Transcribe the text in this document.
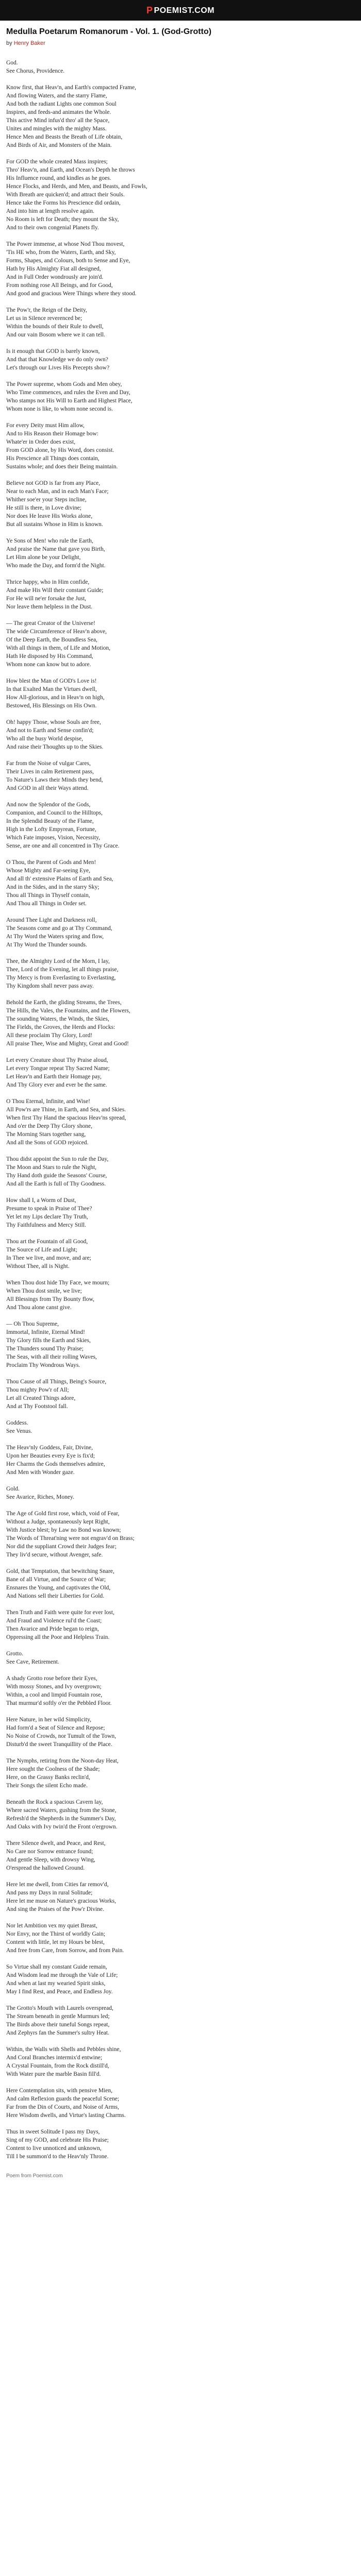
P POEMIST.COM
Medulla Poetarum Romanorum - Vol. 1. (God-Grotto)
by Henry Baker
God.
See Chorus, Providence.
Know first, that Heav'n, and Earth's compacted Frame,
And flowing Waters, and the starry Flame,
And both the radiant Lights one common Soul
Inspires, and feeds-and animates the Whole.
This active Mind infus'd thro' all the Space,
Unites and mingles with the mighty Mass.
Hence Men and Beasts the Breath of Life obtain,
And Birds of Air, and Monsters of the Main.
For GOD the whole created Mass inspires;
Thro' Heav'n, and Earth, and Ocean's Depth he throws
His Influence round, and kindles as he goes.
Hence Flocks, and Herds, and Men, and Beasts, and Fowls,
With Breath are quicken'd; and attract their Souls.
Hence take the Forms his Prescience did ordain,
And into him at length resolve again.
No Room is left for Death; they mount the Sky,
And to their own congenial Planets fly.
The Power immense, at whose Nod Thou movest,
'Tis HE who, from the Waters, Earth, and Sky,
Forms, Shapes, and Colours, both to Sense and Eye,
Hath by His Almighty Fiat all designed,
And in Full Order wondrously are join'd.
From nothing rose All Beings, and for Good,
And good and gracious Were Things where they stood.
The Pow'r, the Reign of the Deity,
Let us in Silence reverenced be;
Within the bounds of their Rule to dwell,
And our vain Bosom where we it can tell.
Is it enough that GOD is barely known,
And that that Knowledge we do only own?
Let's through our Lives His Precepts show?
The Power supreme, whom Gods and Men obey,
Who Time commences, and rules the Even and Day,
Who stamps not His Will to Earth and Highest Place,
Whom none is like, to whom none second is.
For every Deity must Him allow,
And to His Reason their Homage bow:
Whate'er in Order does exist,
From GOD alone, by His Word, does consist.
His Prescience all Things does contain,
Sustains whole; and does their Being maintain.
Believe not GOD is far from any Place,
Near to each Man, and in each Man's Face;
Whither soe'er your Steps incline,
He still is there, in Love divine;
Nor does He leave His Works alone,
But all sustains Whose in Him is known.
Ye Sons of Men! who rule the Earth,
And praise the Name that gave you Birth,
Let Him alone be your Delight,
Who made the Day, and form'd the Night.
Thrice happy, who in Him confide,
And make His Will their constant Guide;
For He will ne'er forsake the Just,
Nor leave them helpless in the Dust.
— The great Creator of the Universe!
The wide Circumference of Heav'n above,
Of the Deep Earth, the Boundless Sea,
With all things in them, of Life and Motion,
Hath He disposed by His Command,
Whom none can know but to adore.
How blest the Man of GOD's Love is!
In that Exalted Man the Virtues dwell,
How All-glorious, and in Heav'n on high,
Bestowed, His Blessings on His Own.
Oh! happy Those, whose Souls are free,
And not to Earth and Sense confin'd;
Who all the busy World despise,
And raise their Thoughts up to the Skies.
Far from the Noise of vulgar Cares,
Their Lives in calm Retirement pass,
To Nature's Laws their Minds they bend,
And GOD in all their Ways attend.
And now the Splendor of the Gods,
Companion, and Council to the Hilltops,
In the Splendid Beauty of the Flame,
High in the Lofty Empyrean, Fortune,
Which Fate imposes, Vision, Necessity,
Sense, are one and all concentred in Thy Grace.
O Thou, the Parent of Gods and Men!
Whose Mighty and Far-seeing Eye,
And all th' extensive Plains of Earth and Sea,
And in the Sides, and in the starry Sky;
Thou all Things in Thyself contain,
And Thou all Things in Order set.
Around Thee Light and Darkness roll,
The Seasons come and go at Thy Command,
At Thy Word the Waters spring and flow,
At Thy Word the Thunder sounds.
Thee, the Almighty Lord of the Morn, I lay,
Thee, Lord of the Evening, let all things praise,
Thy Mercy is from Everlasting to Everlasting,
Thy Kingdom shall never pass away.
Behold the Earth, the gliding Streams, the Trees,
The Hills, the Vales, the Fountains, and the Flowers,
The sounding Waters, the Winds, the Skies,
The Fields, the Groves, the Herds and Flocks:
All these proclaim Thy Glory, Lord!
All praise Thee, Wise and Mighty, Great and Good!
Let every Creature shout Thy Praise aloud,
Let every Tongue repeat Thy Sacred Name;
Let Heav'n and Earth their Homage pay,
And Thy Glory ever and ever be the same.
O Thou Eternal, Infinite, and Wise!
All Pow'rs are Thine, in Earth, and Sea, and Skies.
When first Thy Hand the spacious Heav'ns spread,
And o'er the Deep Thy Glory shone,
The Morning Stars together sang,
And all the Sons of GOD rejoiced.
Thou didst appoint the Sun to rule the Day,
The Moon and Stars to rule the Night,
Thy Hand doth guide the Seasons' Course,
And all the Earth is full of Thy Goodness.
How shall I, a Worm of Dust,
Presume to speak in Praise of Thee?
Yet let my Lips declare Thy Truth,
Thy Faithfulness and Mercy Still.
Thou art the Fountain of all Good,
The Source of Life and Light;
In Thee we live, and move, and are;
Without Thee, all is Night.
When Thou dost hide Thy Face, we mourn;
When Thou dost smile, we live;
All Blessings from Thy Bounty flow,
And Thou alone canst give.
— Oh Thou Supreme,
Immortal, Infinite, Eternal Mind!
Thy Glory fills the Earth and Skies,
The Thunders sound Thy Praise;
The Seas, with all their rolling Waves,
Proclaim Thy Wondrous Ways.
Thou Cause of all Things, Being's Source,
Thou mighty Pow'r of All;
Let all Created Things adore,
And at Thy Footstool fall.
Goddess.
See Venus.
The Heav'nly Goddess, Fair, Divine,
Upon her Beauties every Eye is fix'd;
Her Charms the Gods themselves admire,
And Men with Wonder gaze.
Gold.
See Avarice, Riches, Money.
The Age of Gold first rose, which, void of Fear,
Without a Judge, spontaneously kept Right,
With Justice blest; by Law no Bond was known;
The Words of Threat'ning were not engrav'd on Brass;
Nor did the suppliant Crowd their Judges fear;
They liv'd secure, without Avenger, safe.
Gold, that Temptation, that bewitching Snare,
Bane of all Virtue, and the Source of War;
Ensnares the Young, and captivates the Old,
And Nations sell their Liberties for Gold.
Then Truth and Faith were quite for ever lost,
And Fraud and Violence rul'd the Coast;
Then Avarice and Pride began to reign,
Oppressing all the Poor and Helpless Train.
Grotto.
See Cave, Retirement.
A shady Grotto rose before their Eyes,
With mossy Stones, and Ivy overgrown;
Within, a cool and limpid Fountain rose,
That murmur'd softly o'er the Pebbled Floor.
Here Nature, in her wild Simplicity,
Had form'd a Seat of Silence and Repose;
No Noise of Crowds, nor Tumult of the Town,
Disturb'd the sweet Tranquillity of the Place.
The Nymphs, retiring from the Noon-day Heat,
Here sought the Coolness of the Shade;
Here, on the Grassy Banks reclin'd,
Their Songs the silent Echo made.
Beneath the Rock a spacious Cavern lay,
Where sacred Waters, gushing from the Stone,
Refresh'd the Shepherds in the Summer's Day,
And Oaks with Ivy twin'd the Front o'ergrown.
There Silence dwelt, and Peace, and Rest,
No Care nor Sorrow entrance found;
And gentle Sleep, with drowsy Wing,
O'erspread the hallowed Ground.
Here let me dwell, from Cities far remov'd,
And pass my Days in rural Solitude;
Here let me muse on Nature's gracious Works,
And sing the Praises of the Pow'r Divine.
Nor let Ambition vex my quiet Breast,
Nor Envy, nor the Thirst of worldly Gain;
Content with little, let my Hours be blest,
And free from Care, from Sorrow, and from Pain.
So Virtue shall my constant Guide remain,
And Wisdom lead me through the Vale of Life;
And when at last my wearied Spirit sinks,
May I find Rest, and Peace, and Endless Joy.
The Grotto's Mouth with Laurels overspread,
The Stream beneath in gentle Murmurs led;
The Birds above their tuneful Songs repeat,
And Zephyrs fan the Summer's sultry Heat.
Within, the Walls with Shells and Pebbles shine,
And Coral Branches intermix'd entwine;
A Crystal Fountain, from the Rock distill'd,
With Water pure the marble Basin fill'd.
Here Contemplation sits, with pensive Mien,
And calm Reflexion guards the peaceful Scene;
Far from the Din of Courts, and Noise of Arms,
Here Wisdom dwells, and Virtue's lasting Charms.
Thus in sweet Solitude I pass my Days,
Sing of my GOD, and celebrate His Praise;
Content to live unnoticed and unknown,
Till I be summon'd to the Heav'nly Throne.
Poem from Poemist.com
